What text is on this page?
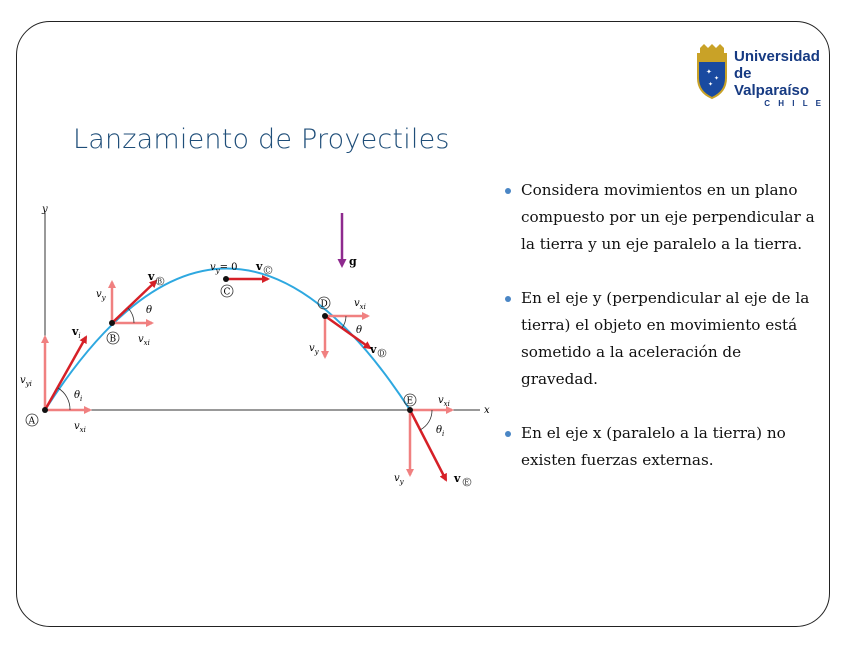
✦
✦
✦
Universidad
de Valparaíso
C H I L E
Lanzamiento de Proyectiles
y
x
A
$v_{yi}$
$v_{xi}$
$v_i$
$\theta_i$
B
$v_y$
$v_{xi}$
v B
θ
C
$v_y= 0$ v C
g
D	$v_{xi}$
$v_y$
θ
v D
E $v_{xi}$
$v_y$
$\theta_i$
v E
Considera movimientos en un plano compuesto por un eje perpendicular a la tierra y un eje paralelo a la tierra.
En el eje y (perpendicular al eje de la tierra) el objeto en movimiento está sometido a la aceleración de gravedad.
En el eje x (paralelo a la tierra) no existen fuerzas externas.
